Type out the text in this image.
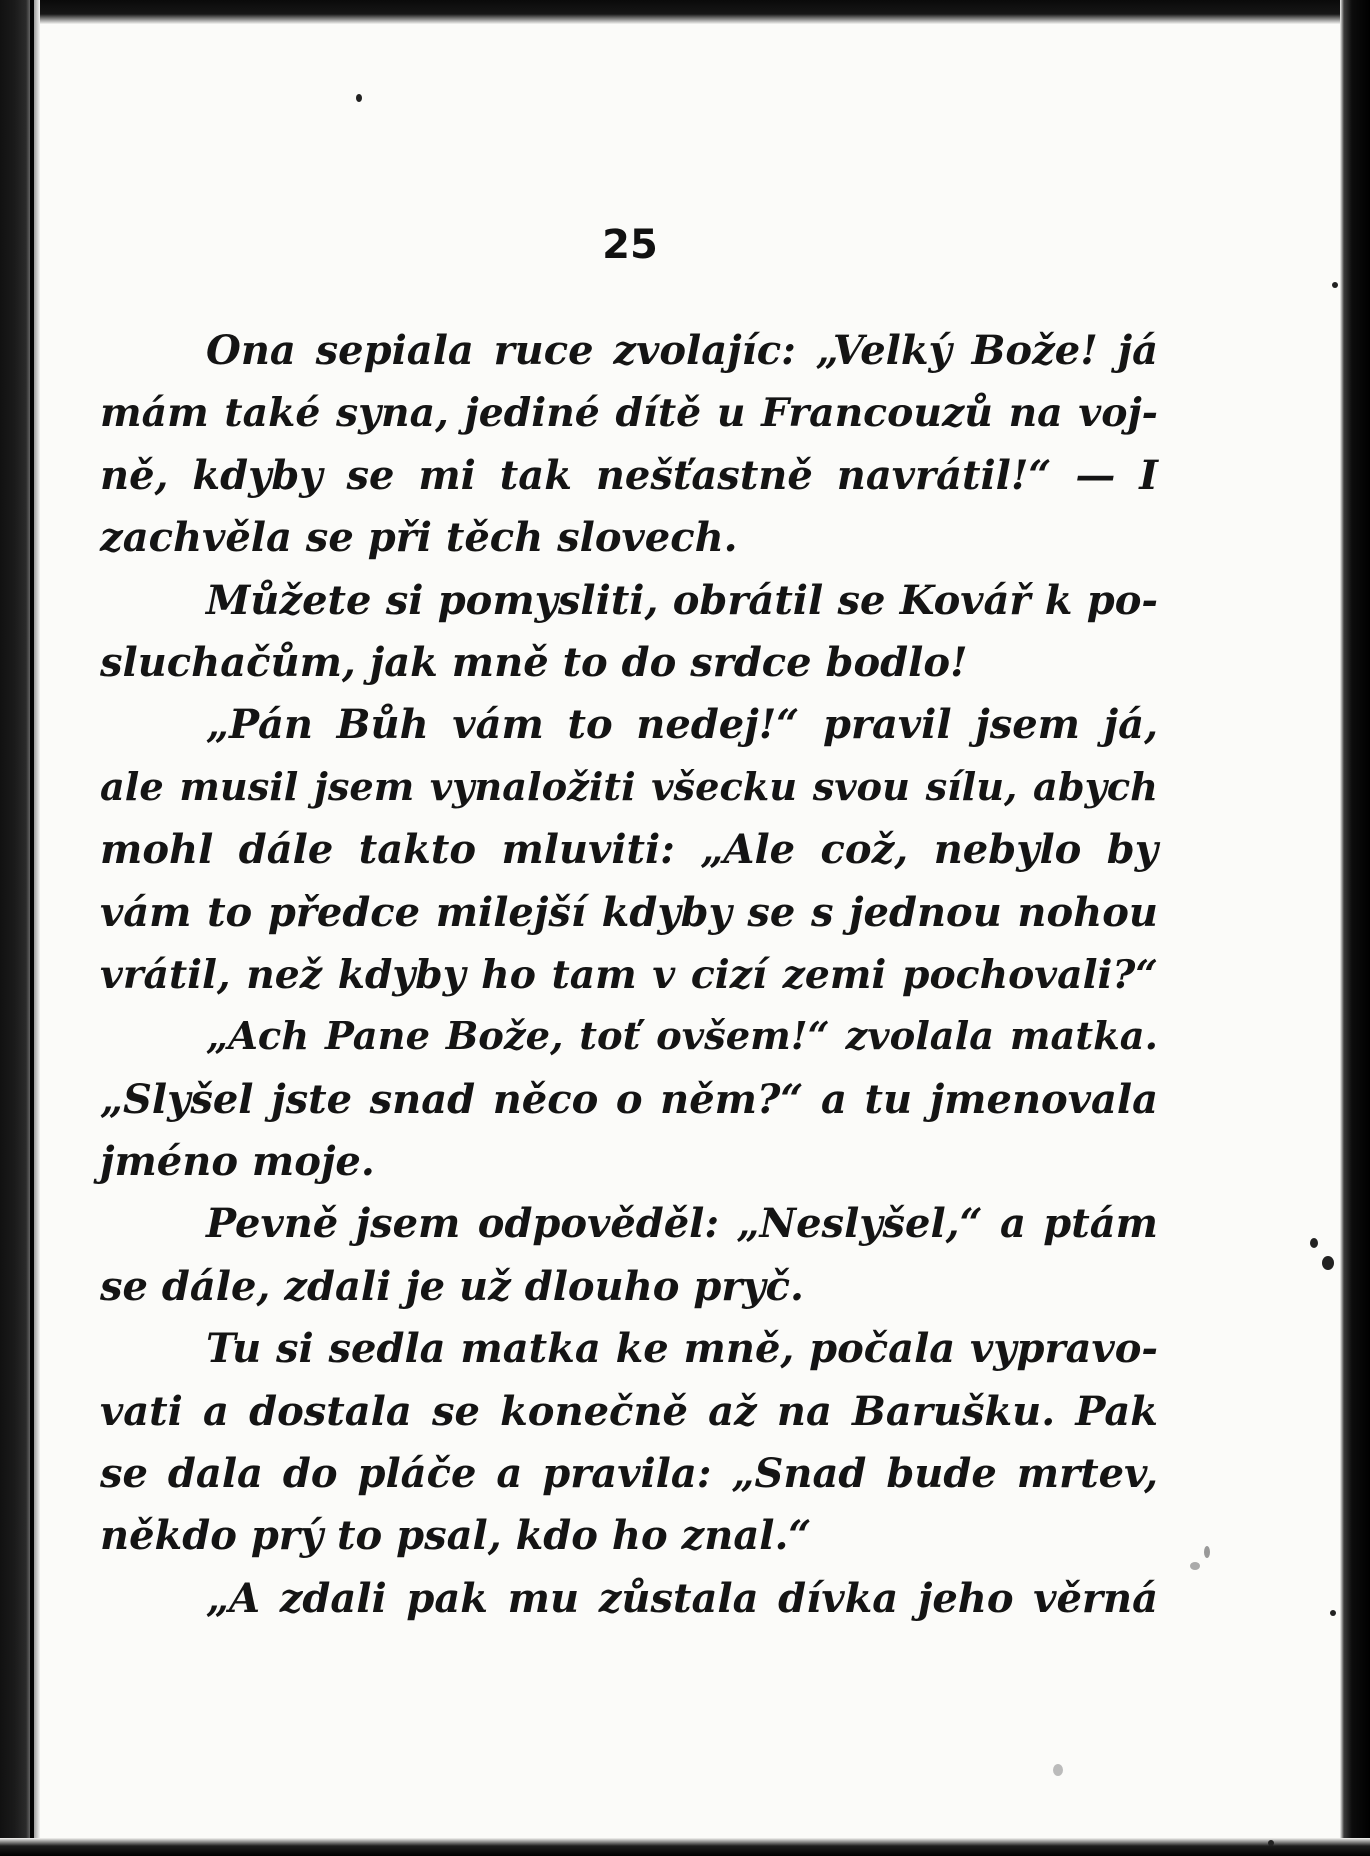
25
Ona sepiala ruce zvolajíc: „Velký Bože! já
mám také syna, jediné dítě u Francouzů na voj-
ně, kdyby se mi tak nešťastně navrátil!“ — I
zachvěla se při těch slovech.
Můžete si pomysliti, obrátil se Kovář k po-
sluchačům, jak mně to do srdce bodlo!
„Pán Bůh vám to nedej!“ pravil jsem já,
ale musil jsem vynaložiti všecku svou sílu, abych
mohl dále takto mluviti: „Ale což, nebylo by
vám to předce milejší kdyby se s jednou nohou
vrátil, než kdyby ho tam v cizí zemi pochovali?“
„Ach Pane Bože, toť ovšem!“ zvolala matka.
„Slyšel jste snad něco o něm?“ a tu jmenovala
jméno moje.
Pevně jsem odpověděl: „Neslyšel,“ a ptám
se dále, zdali je už dlouho pryč.
Tu si sedla matka ke mně, počala vypravo-
vati a dostala se konečně až na Barušku. Pak
se dala do pláče a pravila: „Snad bude mrtev,
někdo prý to psal, kdo ho znal.“
„A zdali pak mu zůstala dívka jeho věrná
